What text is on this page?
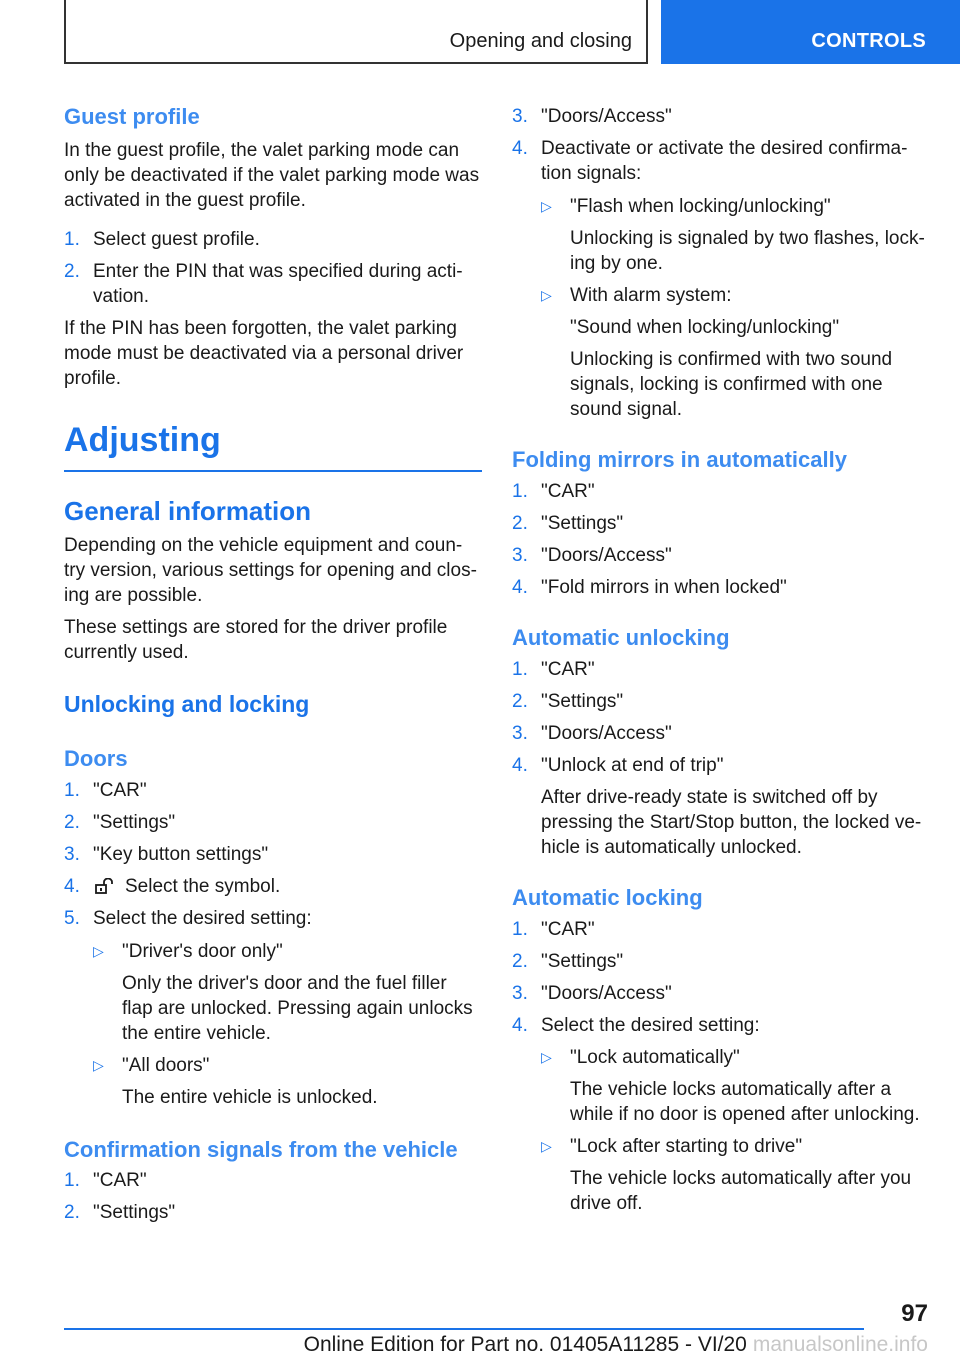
Opening and closing	CONTROLS
Guest profile

In the guest profile, the valet parking mode can only be deactivated if the valet parking mode was activated in the guest profile.

1. Select guest profile.
2. Enter the PIN that was specified during acti-vation.

If the PIN has been forgotten, the valet parking mode must be deactivated via a personal driver profile.

Adjusting
General information

Depending on the vehicle equipment and coun-try version, various settings for opening and clos-ing are possible.

These settings are stored for the driver profile currently used.

Unlocking and locking
Doors
1. "CAR"
2. "Settings"
3. "Key button settings"
4. Select the symbol.
5. Select the desired setting:
▷ "Driver's door only"
Only the driver's door and the fuel filler flap are unlocked. Pressing again unlocks the entire vehicle.
▷ "All doors"
The entire vehicle is unlocked.
Confirmation signals from the vehicle
1. "CAR"
2. "Settings"
3. "Doors/Access"
4. Deactivate or activate the desired confirma-tion signals:
▷ "Flash when locking/unlocking"
Unlocking is signaled by two flashes, lock-ing by one.
▷ With alarm system:
"Sound when locking/unlocking"
Unlocking is confirmed with two sound signals, locking is confirmed with one sound signal.
Folding mirrors in automatically
1. "CAR"
2. "Settings"
3. "Doors/Access"
4. "Fold mirrors in when locked"
Automatic unlocking
1. "CAR"
2. "Settings"
3. "Doors/Access"
4. "Unlock at end of trip"
After drive-ready state is switched off by pressing the Start/Stop button, the locked ve-hicle is automatically unlocked.
Automatic locking
1. "CAR"
2. "Settings"
3. "Doors/Access"
4. Select the desired setting:
▷ "Lock automatically"
The vehicle locks automatically after a while if no door is opened after unlocking.
▷ "Lock after starting to drive"
The vehicle locks automatically after you drive off.
97
Online Edition for Part no. 01405A11285 - VI/20 manualsonline.info
